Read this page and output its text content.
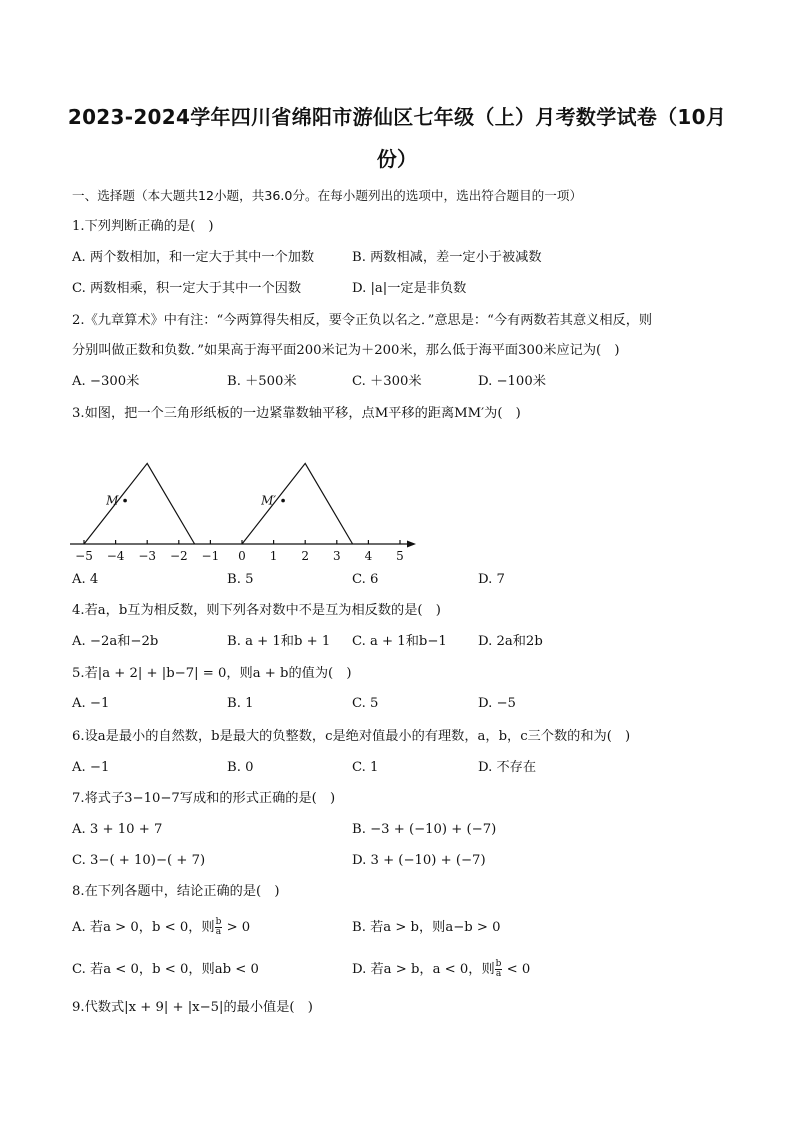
2023-2024学年四川省绵阳市游仙区七年级（上）月考数学试卷（10月
份）
一、选择题（本大题共12小题，共36.0分。在每小题列出的选项中，选出符合题目的一项）
1.下列判断正确的是(　)
A. 两个数相加，和一定大于其中一个加数	B. 两数相减，差一定小于被减数
C. 两数相乘，积一定大于其中一个因数	D. |a|一定是非负数
2.《九章算术》中有注：“今两算得失相反，要令正负以名之．”意思是：“今有两数若其意义相反，则
分别叫做正数和负数．”如果高于海平面200米记为＋200米，那么低于海平面300米应记为(　)
A. −300米	B. ＋500米	C. ＋300米	D. −100米
3.如图，把一个三角形纸板的一边紧靠数轴平移，点M平移的距离MM′为(　)
−5 −4 −3 −2 −1 0 1 2 3 4 5
M	M′
A. 4	B. 5	C. 6	D. 7
4.若a，b互为相反数，则下列各对数中不是互为相反数的是(　)
A. −2a和−2b	B. a + 1和b + 1 C. a + 1和b−1 D. 2a和2b
5.若|a + 2| + |b−7| = 0，则a + b的值为(　)
A. −1	B. 1	C. 5	D. −5
6.设a是最小的自然数，b是最大的负整数，c是绝对值最小的有理数，a，b，c三个数的和为(　)
A. −1	B. 0	C. 1	D. 不存在
7.将式子3−10−7写成和的形式正确的是(　)
A. 3 + 10 + 7	B. −3 + (−10) + (−7)
C. 3−( + 10)−( + 7)	D. 3 + (−10) + (−7)
8.在下列各题中，结论正确的是(　)
A. 若a > 0，b < 0，则 $\frac{b}{a} > 0$	B. 若a > b，则a−b > 0
C. 若a < 0，b < 0，则ab < 0	D. 若a > b，a < 0，则 $\frac{b}{a} < 0$
9.代数式|x + 9| + |x−5|的最小值是(　)
